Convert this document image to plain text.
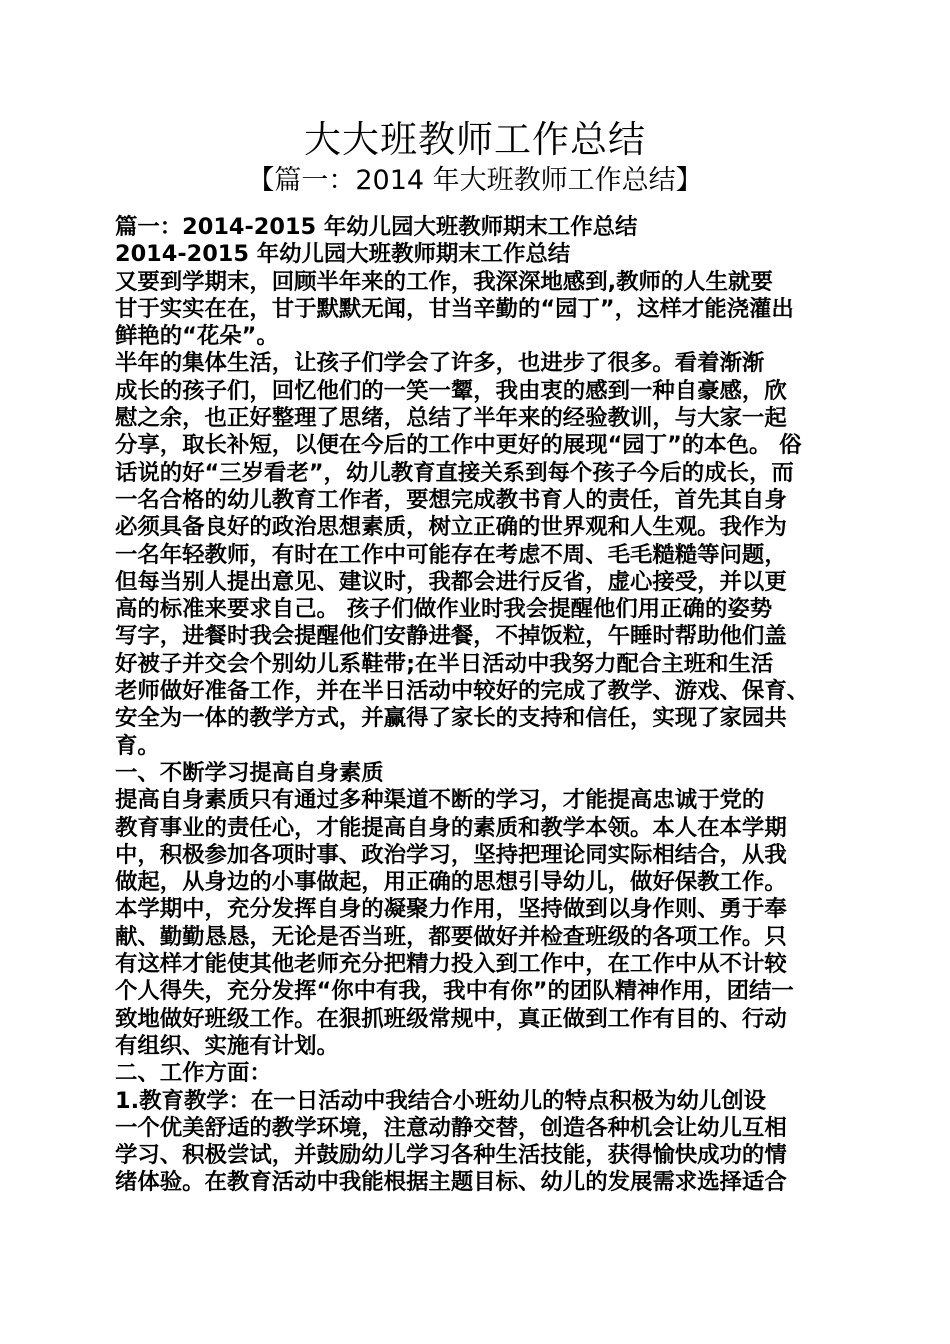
大大班教师工作总结
【篇一：2014 年大班教师工作总结】
篇一：2014-2015 年幼儿园大班教师期末工作总结
2014-2015 年幼儿园大班教师期末工作总结
又要到学期末，回顾半年来的工作，我深深地感到,教师的人生就要
甘于实实在在，甘于默默无闻，甘当辛勤的“园丁”，这样才能浇灌出
鲜艳的“花朵”。
半年的集体生活，让孩子们学会了许多，也进步了很多。看着渐渐
成长的孩子们，回忆他们的一笑一颦，我由衷的感到一种自豪感，欣
慰之余，也正好整理了思绪，总结了半年来的经验教训，与大家一起
分享，取长补短，以便在今后的工作中更好的展现“园丁”的本色。 俗
话说的好“三岁看老”，幼儿教育直接关系到每个孩子今后的成长，而
一名合格的幼儿教育工作者，要想完成教书育人的责任，首先其自身
必须具备良好的政治思想素质，树立正确的世界观和人生观。我作为
一名年轻教师，有时在工作中可能存在考虑不周、毛毛糙糙等问题，
但每当别人提出意见、建议时，我都会进行反省，虚心接受，并以更
高的标准来要求自己。 孩子们做作业时我会提醒他们用正确的姿势
写字，进餐时我会提醒他们安静进餐，不掉饭粒，午睡时帮助他们盖
好被子并交会个别幼儿系鞋带;在半日活动中我努力配合主班和生活
老师做好准备工作，并在半日活动中较好的完成了教学、游戏、保育、
安全为一体的教学方式，并赢得了家长的支持和信任，实现了家园共
育。
一、不断学习提高自身素质
提高自身素质只有通过多种渠道不断的学习，才能提高忠诚于党的
教育事业的责任心，才能提高自身的素质和教学本领。本人在本学期
中，积极参加各项时事、政治学习，坚持把理论同实际相结合，从我
做起，从身边的小事做起，用正确的思想引导幼儿，做好保教工作。
本学期中，充分发挥自身的凝聚力作用，坚持做到以身作则、勇于奉
献、勤勤恳恳，无论是否当班，都要做好并检查班级的各项工作。只
有这样才能使其他老师充分把精力投入到工作中，在工作中从不计较
个人得失，充分发挥“你中有我，我中有你”的团队精神作用，团结一
致地做好班级工作。在狠抓班级常规中，真正做到工作有目的、行动
有组织、实施有计划。
二、工作方面：
1.教育教学：在一日活动中我结合小班幼儿的特点积极为幼儿创设
一个优美舒适的教学环境，注意动静交替，创造各种机会让幼儿互相
学习、积极尝试，并鼓励幼儿学习各种生活技能，获得愉快成功的情
绪体验。在教育活动中我能根据主题目标、幼儿的发展需求选择适合
